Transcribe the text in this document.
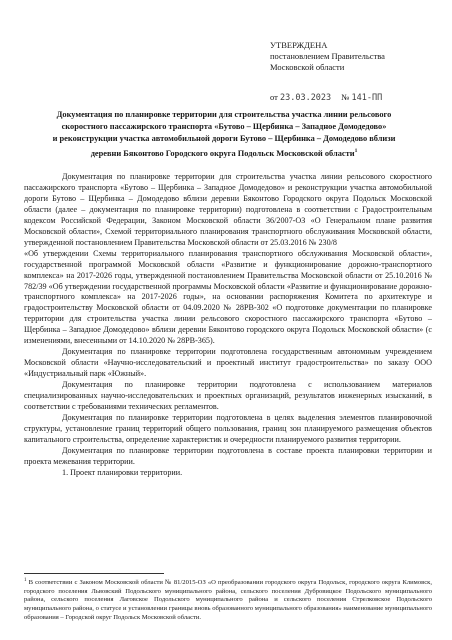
УТВЕРЖДЕНА
постановлением Правительства
Московской области
от 23.03.2023 № 141-ПП
Документация по планировке территории для строительства участка линии рельсового
скоростного пассажирского транспорта «Бутово – Щербинка – Западное Домодедово»
и реконструкции участка автомобильной дороги Бутово – Щербинка – Домодедово вблизи
деревни Бяконтово Городского округа Подольск Московской области$^1$

Документация по планировке территории для строительства участка линии рельсового скоростного пассажирского транспорта «Бутово – Щербинка – Западное Домодедово» и реконструкции участка автомобильной дороги Бутово – Щербинка – Домодедово вблизи деревни Бяконтово Городского округа Подольск Московской области (далее – документация по планировке территории) подготовлена в соответствии с Градостроительным кодексом Российской Федерации, Законом Московской области 36/2007-ОЗ «О Генеральном плане развития Московской области», Схемой территориального планирования транспортного обслуживания Московской области, утвержденной постановлением Правительства Московской области от 25.03.2016 № 230/8

«Об утверждении Схемы территориального планирования транспортного обслуживания Московской области», государственной программой Московской области «Развитие и функционирование дорожно-транспортного комплекса» на 2017-2026 годы, утвержденной постановлением Правительства Московской области от 25.10.2016 № 782/39 «Об утверждении государственной программы Московской области «Развитие и функционирование дорожно-транспортного комплекса» на 2017-2026 годы», на основании распоряжения Комитета по архитектуре и градостроительству Московской области от 04.09.2020 № 28РВ-302 «О подготовке документации по планировке территории для строительства участка линии рельсового скоростного пассажирского транспорта «Бутово – Щербинка – Западное Домодедово» вблизи деревни Бяконтово городского округа Подольск Московской области» (с изменениями, внесенными от 14.10.2020 № 28РВ-365).

Документация по планировке территории подготовлена государственным автономным учреждением Московской области «Научно-исследовательский и проектный институт градостроительства» по заказу ООО «Индустриальный парк «Южный».

Документация по планировке территории подготовлена с использованием материалов специализированных научно-исследовательских и проектных организаций, результатов инженерных изысканий, в соответствии с требованиями технических регламентов.

Документация по планировке территории подготовлена в целях выделения элементов планировочной структуры, установление границ территорий общего пользования, границ зон планируемого размещения объектов капитального строительства, определение характеристик и очередности планируемого развития территории.

Документация по планировке территории подготовлена в составе проекта планировки территории и проекта межевания территории.

1. Проект планировки территории.

$^1$ В соответствии с Законом Московской области № 81/2015-ОЗ «О преобразовании городского округа Подольск, городского округа Климовск, городского поселения Львовский Подольского муниципального района, сельского поселения Дубровицкое Подольского муниципального района, сельского поселения Лаговское Подольского муниципального района и сельского поселения Стрелковское Подольского муниципального района, о статусе и установлении границы вновь образованного муниципального образования» наименование муниципального образования – Городской округ Подольск Московской области.
